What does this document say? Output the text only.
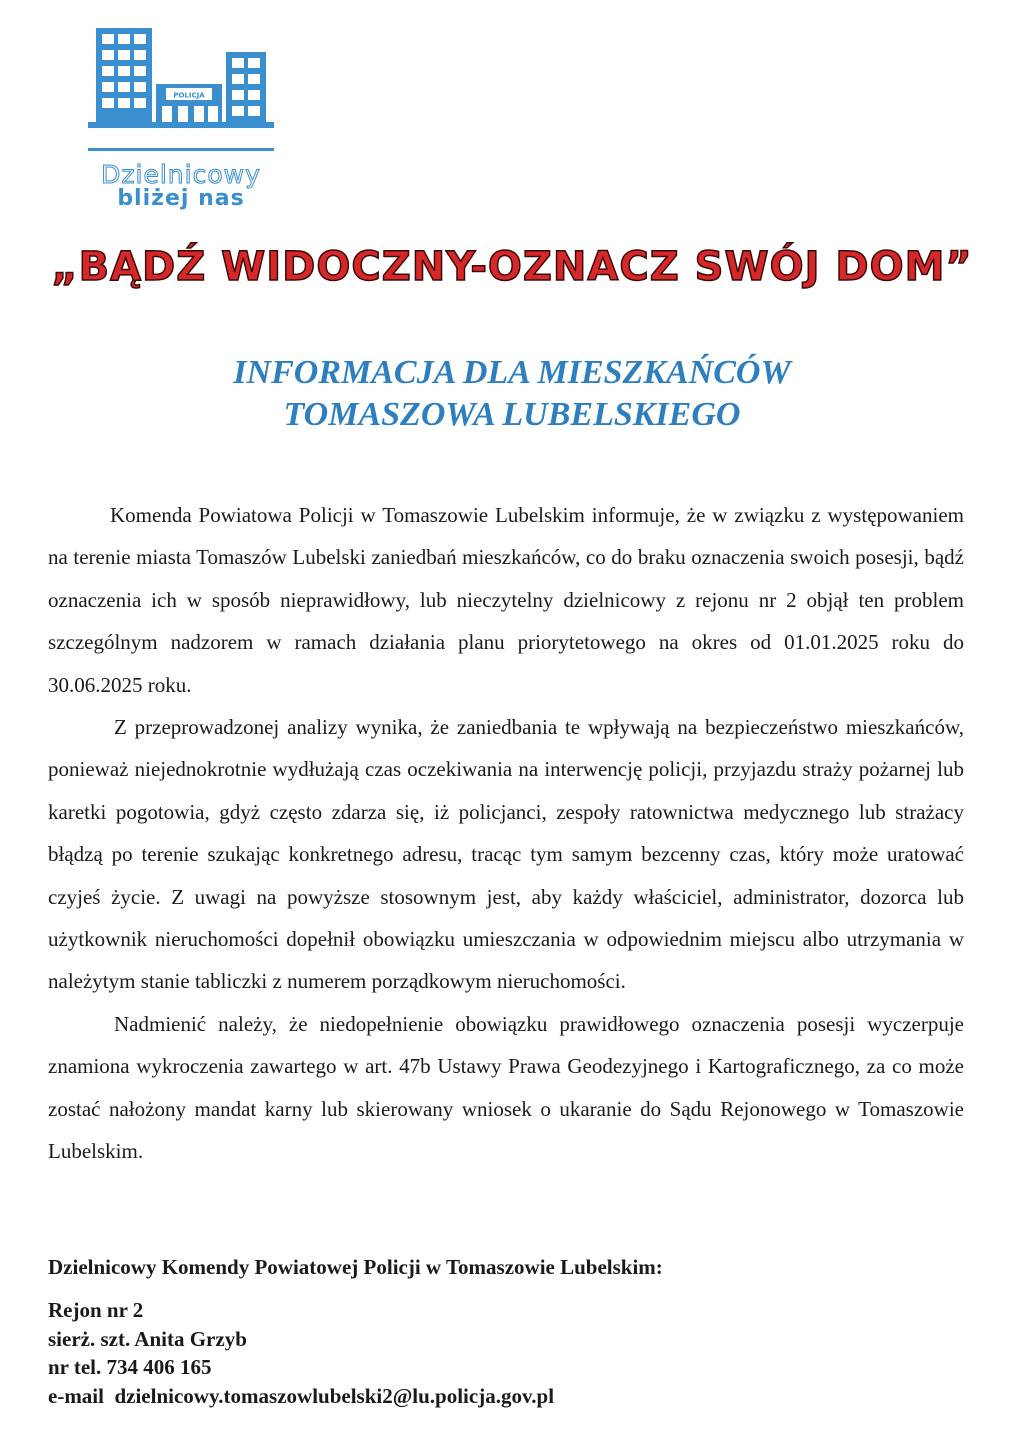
POLICJA
Dzielnicowy
bliżej nas
„BĄDŹ WIDOCZNY-OZNACZ SWÓJ DOM”
INFORMACJA DLA MIESZKAŃCÓW
TOMASZOWA LUBELSKIEGO

Komenda Powiatowa Policji w Tomaszowie Lubelskim informuje, że w związku z występowaniem na terenie miasta Tomaszów Lubelski zaniedbań mieszkańców, co do braku oznaczenia swoich posesji, bądź oznaczenia ich w sposób nieprawidłowy, lub nieczytelny dzielnicowy z rejonu nr 2 objął ten problem szczególnym nadzorem w ramach działania planu priorytetowego na okres od 01.01.2025 roku do 30.06.2025 roku.

Z przeprowadzonej analizy wynika, że zaniedbania te wpływają na bezpieczeństwo mieszkańców, ponieważ niejednokrotnie wydłużają czas oczekiwania na interwencję policji, przyjazdu straży pożarnej lub karetki pogotowia, gdyż często zdarza się, iż policjanci, zespoły ratownictwa medycznego lub strażacy błądzą po terenie szukając konkretnego adresu, tracąc tym samym bezcenny czas, który może uratować czyjeś życie. Z uwagi na powyższe stosownym jest, aby każdy właściciel, administrator, dozorca lub użytkownik nieruchomości dopełnił obowiązku umieszczania w odpowiednim miejscu albo utrzymania w należytym stanie tabliczki z numerem porządkowym nieruchomości.

Nadmienić należy, że niedopełnienie obowiązku prawidłowego oznaczenia posesji wyczerpuje znamiona wykroczenia zawartego w art. 47b Ustawy Prawa Geodezyjnego i Kartograficznego, za co może zostać nałożony mandat karny lub skierowany wniosek o ukaranie do Sądu Rejonowego w Tomaszowie Lubelskim.

Dzielnicowy Komendy Powiatowej Policji w Tomaszowie Lubelskim:
Rejon nr 2
sierż. szt. Anita Grzyb
nr tel. 734 406 165
e-mail  dzielnicowy.tomaszowlubelski2@lu.policja.gov.pl
